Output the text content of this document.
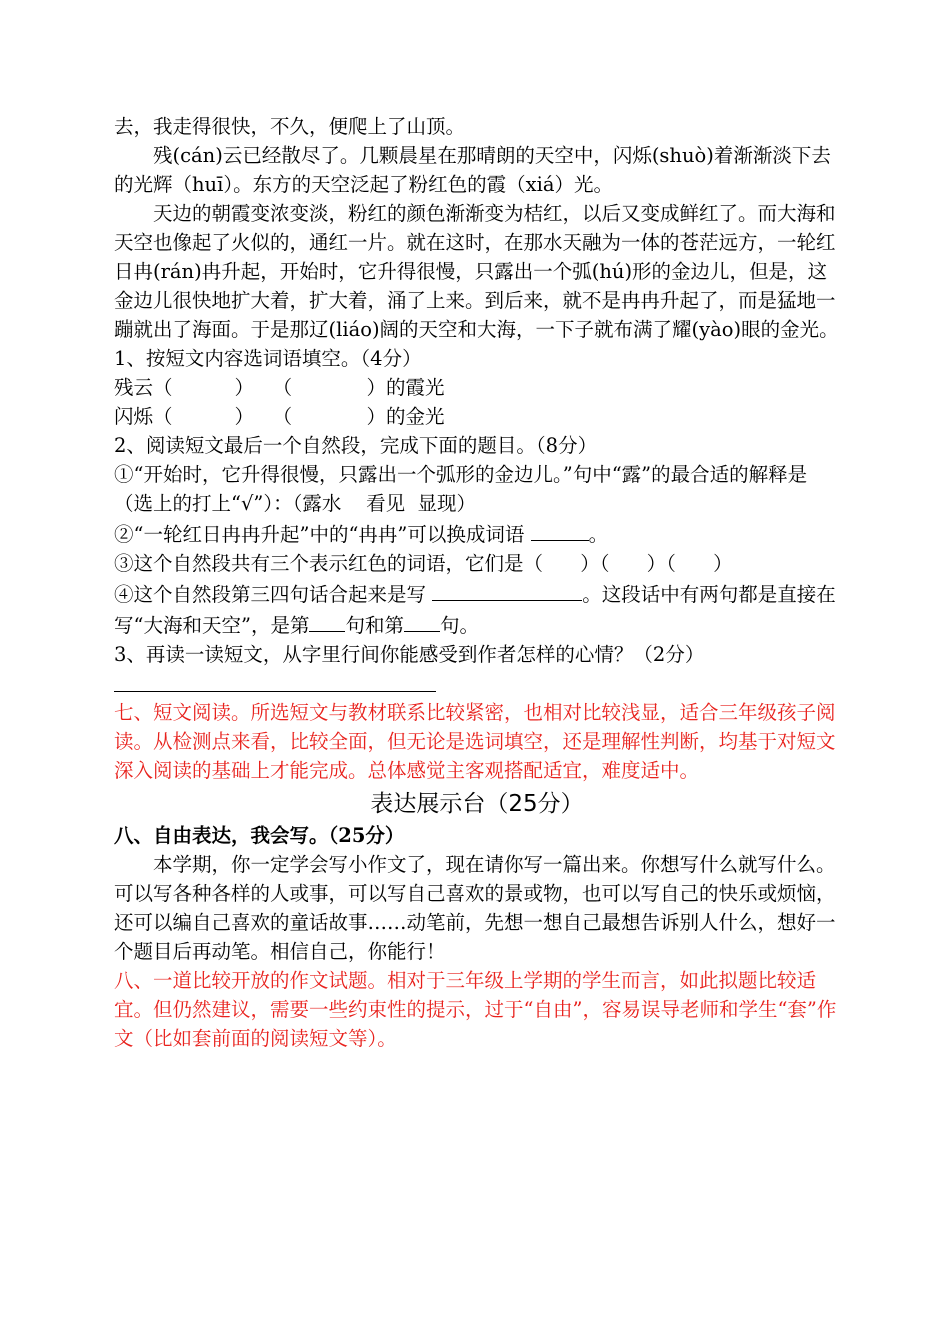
去，我走得很快，不久，便爬上了山顶。

残(cán)云已经散尽了。几颗晨星在那晴朗的天空中，闪烁(shuò)着渐渐淡下去的光辉（huī）。东方的天空泛起了粉红色的霞（xiá）光。

天边的朝霞变浓变淡，粉红的颜色渐渐变为桔红，以后又变成鲜红了。而大海和天空也像起了火似的，通红一片。就在这时，在那水天融为一体的苍茫远方，一轮红日冉(rán)冉升起，开始时，它升得很慢，只露出一个弧(hú)形的金边儿，但是，这金边儿很快地扩大着，扩大着，涌了上来。到后来，就不是冉冉升起了，而是猛地一蹦就出了海面。于是那辽(liáo)阔的天空和大海，一下子就布满了耀(yào)眼的金光。

1、按短文内容选词语填空。（4分）

残云（          ）   （            ）的霞光

闪烁（          ）   （            ）的金光

2、阅读短文最后一个自然段，完成下面的题目。（8分）

①“开始时，它升得很慢，只露出一个弧形的金边儿。”句中“露”的最合适的解释是（选上的打上“√”）：（露水    看见  显现）

②“一轮红日冉冉升起”中的“冉冉”可以换成词语	。

③这个自然段共有三个表示红色的词语，它们是（      ）（      ）（      ）

④这个自然段第三四句话合起来是写	。这段话中有两句都是直接在写“大海和天空”，是第 句和第 句。

3、再读一读短文，从字里行间你能感受到作者怎样的心情？（2分）

七、短文阅读。所选短文与教材联系比较紧密，也相对比较浅显，适合三年级孩子阅读。从检测点来看，比较全面，但无论是选词填空，还是理解性判断，均基于对短文深入阅读的基础上才能完成。总体感觉主客观搭配适宜，难度适中。

表达展示台（25分）

八、自由表达，我会写。（25分）

本学期，你一定学会写小作文了，现在请你写一篇出来。你想写什么就写什么。可以写各种各样的人或事，可以写自己喜欢的景或物，也可以写自己的快乐或烦恼，还可以编自己喜欢的童话故事……动笔前，先想一想自己最想告诉别人什么，想好一个题目后再动笔。相信自己，你能行！

八、一道比较开放的作文试题。相对于三年级上学期的学生而言，如此拟题比较适宜。但仍然建议，需要一些约束性的提示，过于“自由”，容易误导老师和学生“套”作文（比如套前面的阅读短文等）。
